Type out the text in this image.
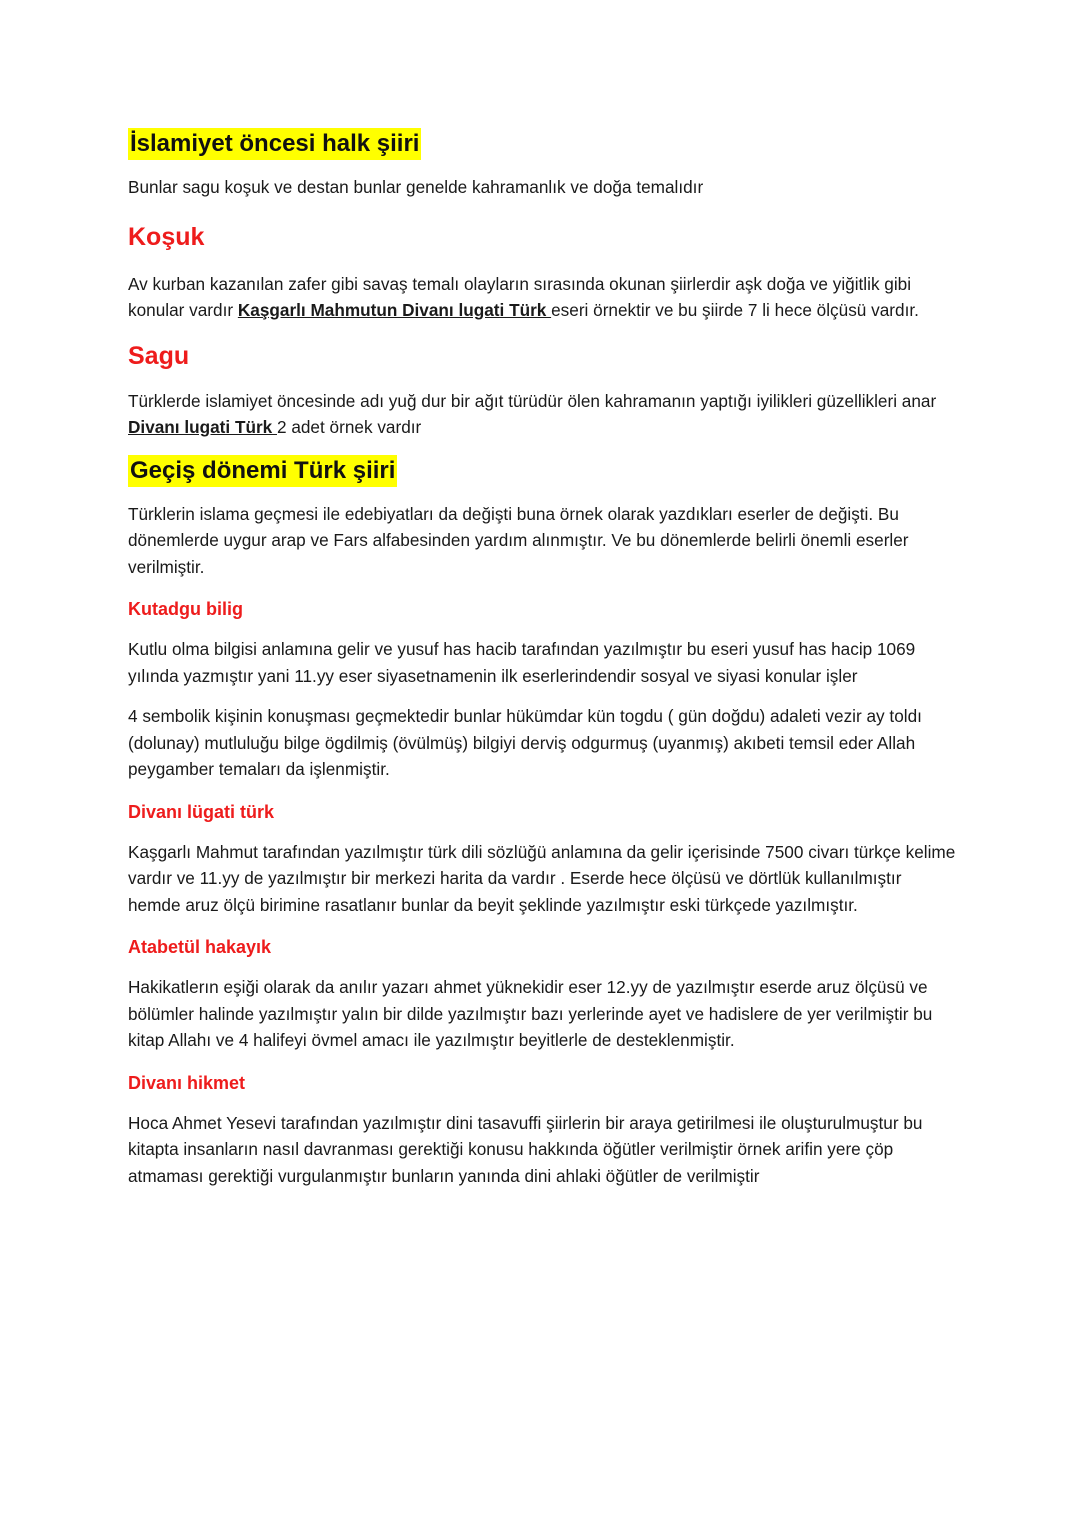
İslamiyet öncesi halk şiiri

Bunlar sagu koşuk ve destan bunlar genelde kahramanlık ve doğa temalıdır

Koşuk

Av kurban kazanılan zafer gibi savaş temalı olayların sırasında okunan şiirlerdir aşk doğa ve yiğitlik gibi konular vardır Kaşgarlı Mahmutun Divanı lugati Türk eseri örnektir ve bu şiirde 7 li hece ölçüsü vardır.

Sagu

Türklerde islamiyet öncesinde adı yuğ dur bir ağıt türüdür ölen kahramanın yaptığı iyilikleri güzellikleri anar Divanı lugati Türk 2 adet örnek vardır

Geçiş dönemi Türk şiiri

Türklerin islama geçmesi ile edebiyatları da değişti buna örnek olarak yazdıkları eserler de değişti. Bu dönemlerde uygur arap ve Fars alfabesinden yardım alınmıştır. Ve bu dönemlerde belirli önemli eserler verilmiştir.

Kutadgu bilig

Kutlu olma bilgisi anlamına gelir ve yusuf has hacib tarafından yazılmıştır bu eseri yusuf has hacip 1069 yılında yazmıştır yani 11.yy eser siyasetnamenin ilk eserlerindendir sosyal ve siyasi konular işler

4 sembolik kişinin konuşması geçmektedir bunlar hükümdar kün togdu ( gün doğdu) adaleti vezir ay toldı (dolunay) mutluluğu bilge ögdilmiş (övülmüş) bilgiyi derviş odgurmuş (uyanmış) akıbeti temsil eder Allah peygamber temaları da işlenmiştir.

Divanı lügati türk

Kaşgarlı Mahmut tarafından yazılmıştır türk dili sözlüğü anlamına da gelir içerisinde 7500 civarı türkçe kelime vardır ve 11.yy de yazılmıştır bir merkezi harita da vardır . Eserde hece ölçüsü ve dörtlük kullanılmıştır hemde aruz ölçü birimine rasatlanır bunlar da beyit şeklinde yazılmıştır eski türkçede yazılmıştır.

Atabetül hakayık

Hakikatlerın eşiği olarak da anılır yazarı ahmet yüknekidir eser 12.yy de yazılmıştır eserde aruz ölçüsü ve bölümler halinde yazılmıştır yalın bir dilde yazılmıştır bazı yerlerinde ayet ve hadislere de yer verilmiştir bu kitap Allahı ve 4 halifeyi övmel amacı ile yazılmıştır beyitlerle de desteklenmiştir.

Divanı hikmet

Hoca Ahmet Yesevi tarafından yazılmıştır dini tasavuffi şiirlerin bir araya getirilmesi ile oluşturulmuştur bu kitapta insanların nasıl davranması gerektiği konusu hakkında öğütler verilmiştir örnek arifin yere çöp atmaması gerektiği vurgulanmıştır bunların yanında dini ahlaki öğütler de verilmiştir
